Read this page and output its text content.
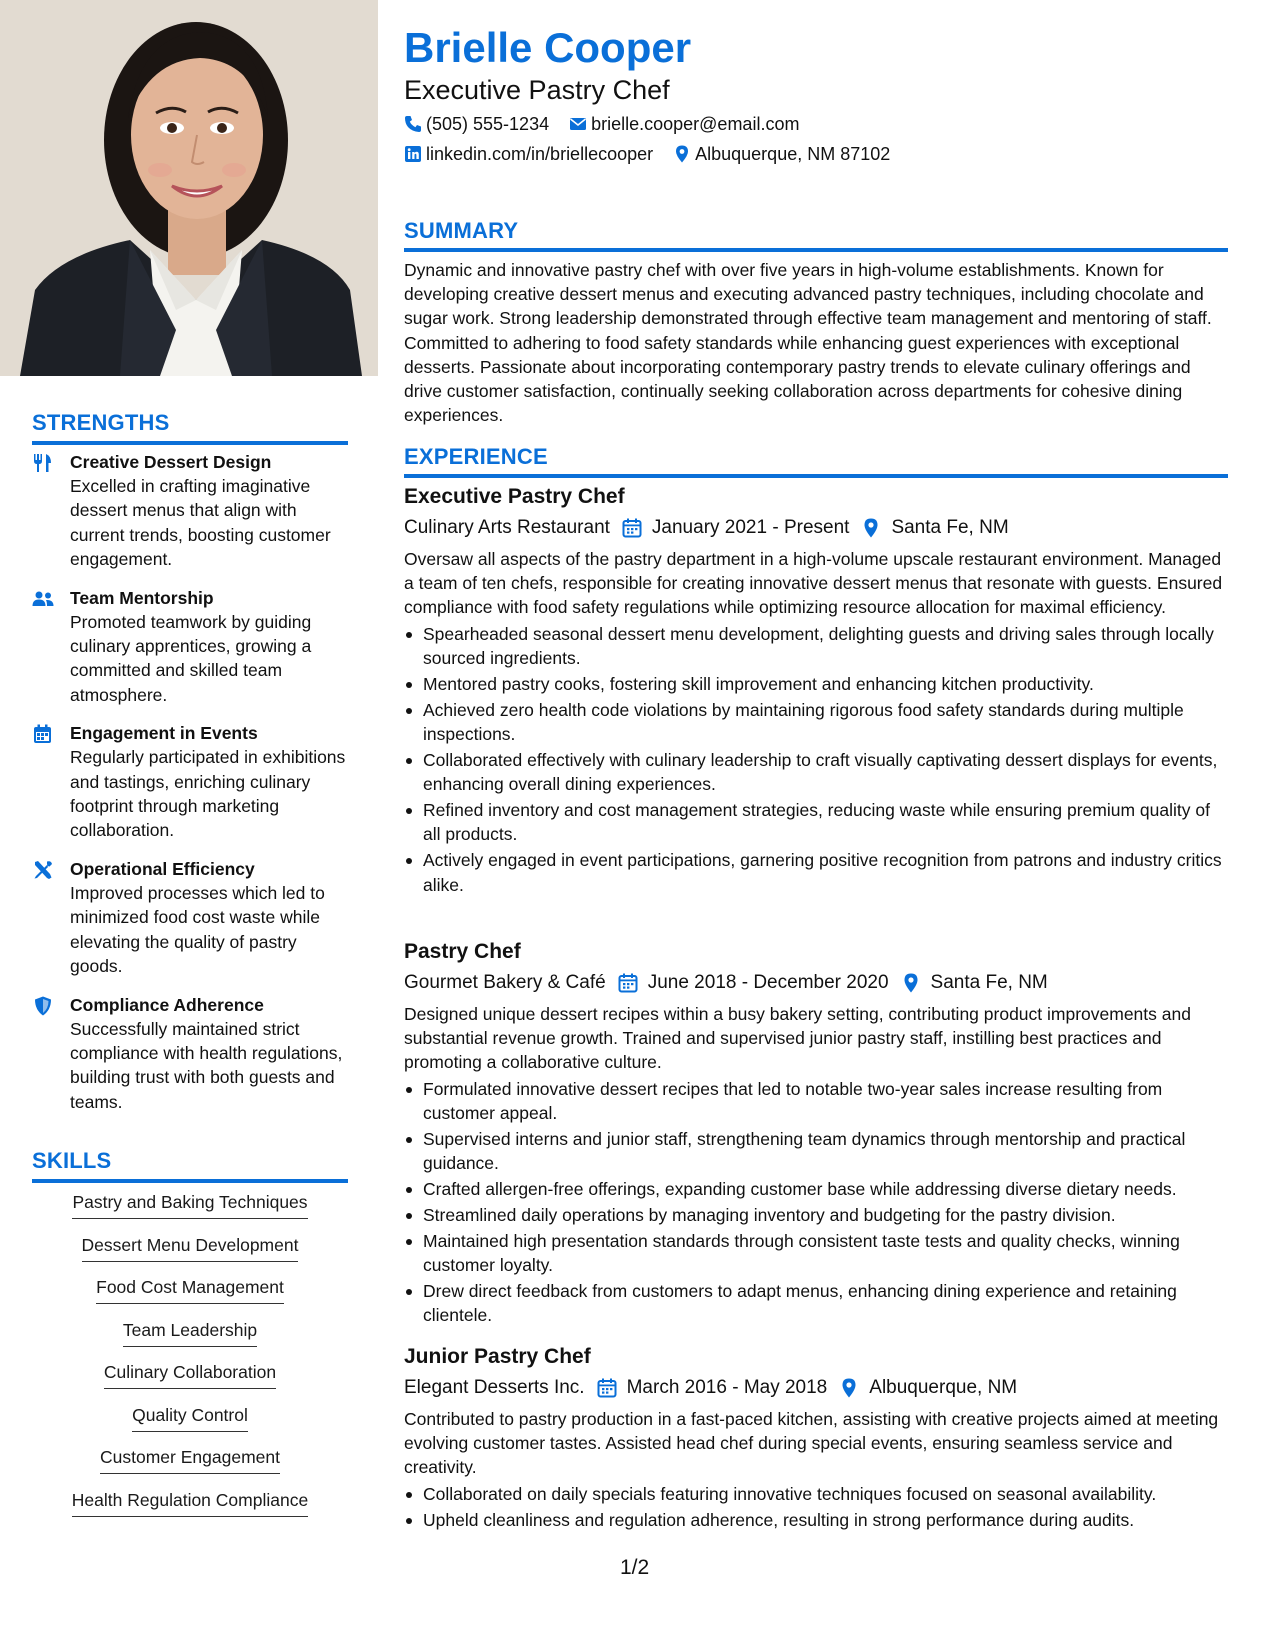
STRENGTHS
Creative Dessert Design
Excelled in crafting imaginative dessert menus that align with current trends, boosting customer engagement.
Team Mentorship
Promoted teamwork by guiding culinary apprentices, growing a committed and skilled team atmosphere.
Engagement in Events
Regularly participated in exhibitions and tastings, enriching culinary footprint through marketing collaboration.
Operational Efficiency
Improved processes which led to minimized food cost waste while elevating the quality of pastry goods.
Compliance Adherence
Successfully maintained strict compliance with health regulations, building trust with both guests and teams.
SKILLS
Pastry and Baking Techniques
Dessert Menu Development
Food Cost Management
Team Leadership
Culinary Collaboration
Quality Control
Customer Engagement
Health Regulation Compliance
Brielle Cooper
Executive Pastry Chef
(505) 555-1234 brielle.cooper@email.com
linkedin.com/in/briellecooper Albuquerque, NM 87102
SUMMARY
Dynamic and innovative pastry chef with over five years in high-volume establishments. Known for developing creative dessert menus and executing advanced pastry techniques, including chocolate and sugar work. Strong leadership demonstrated through effective team management and mentoring of staff. Committed to adhering to food safety standards while enhancing guest experiences with exceptional desserts. Passionate about incorporating contemporary pastry trends to elevate culinary offerings and drive customer satisfaction, continually seeking collaboration across departments for cohesive dining experiences.
EXPERIENCE
Executive Pastry Chef
Culinary Arts Restaurant January 2021 - Present Santa Fe, NM
Oversaw all aspects of the pastry department in a high-volume upscale restaurant environment. Managed a team of ten chefs, responsible for creating innovative dessert menus that resonate with guests. Ensured compliance with food safety regulations while optimizing resource allocation for maximal efficiency.
Spearheaded seasonal dessert menu development, delighting guests and driving sales through locally sourced ingredients.
Mentored pastry cooks, fostering skill improvement and enhancing kitchen productivity.
Achieved zero health code violations by maintaining rigorous food safety standards during multiple inspections.
Collaborated effectively with culinary leadership to craft visually captivating dessert displays for events, enhancing overall dining experiences.
Refined inventory and cost management strategies, reducing waste while ensuring premium quality of all products.
Actively engaged in event participations, garnering positive recognition from patrons and industry critics alike.
Pastry Chef
Gourmet Bakery & Café June 2018 - December 2020 Santa Fe, NM
Designed unique dessert recipes within a busy bakery setting, contributing product improvements and substantial revenue growth. Trained and supervised junior pastry staff, instilling best practices and promoting a collaborative culture.
Formulated innovative dessert recipes that led to notable two-year sales increase resulting from customer appeal.
Supervised interns and junior staff, strengthening team dynamics through mentorship and practical guidance.
Crafted allergen-free offerings, expanding customer base while addressing diverse dietary needs.
Streamlined daily operations by managing inventory and budgeting for the pastry division.
Maintained high presentation standards through consistent taste tests and quality checks, winning customer loyalty.
Drew direct feedback from customers to adapt menus, enhancing dining experience and retaining clientele.
Junior Pastry Chef
Elegant Desserts Inc. March 2016 - May 2018 Albuquerque, NM
Contributed to pastry production in a fast-paced kitchen, assisting with creative projects aimed at meeting evolving customer tastes. Assisted head chef during special events, ensuring seamless service and creativity.
Collaborated on daily specials featuring innovative techniques focused on seasonal availability.
Upheld cleanliness and regulation adherence, resulting in strong performance during audits.
1/2
